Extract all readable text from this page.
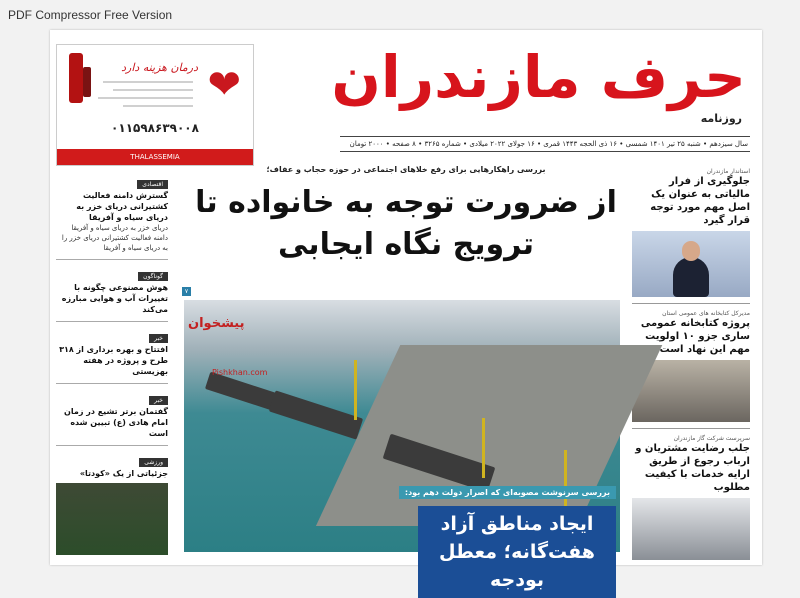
PDF Compressor Free Version
❤
درمان هزینه دارد
۰۱۱۵۹۸۶۳۹۰۰۸
THALASSEMIA
حرف مازندران
روزنامه
سال سیزدهم • شنبه ۲۵ تیر ۱۴۰۱ شمسی • ۱۶ ذی الحجه ۱۴۴۳ قمری • ۱۶ جولای ۲۰۲۲ میلادی • شماره ۳۲۶۵ • ۸ صفحه • ۲۰۰۰ تومان
استاندار مازندران
جلوگیری از فرار مالیاتی به عنوان یک اصل مهم مورد توجه قرار گیرد
مدیرکل کتابخانه های عمومی استان
پروژه کتابخانه عمومی ساری جزو ۱۰ اولویت مهم این نهاد است
سرپرست شرکت گاز مازندران
جلب رضایت مشتریان و ارباب رجوع از طریق ارایه خدمات با کیفیت مطلوب
بررسی راهکارهایی برای رفع خلاهای اجتماعی در حوزه حجاب و عفاف؛
از ضرورت توجه به خانواده تا
ترویج نگاه ایجابی
۷
پیشخوان
Pishkhan.com
بررسی سرنوشت مصوبه‌ای که اصرار دولت دهم بود:
ایجاد مناطق آزاد
هفت‌گانه؛ معطل بودجه
اقتصادی
گسترش دامنه فعالیت کشتیرانی دریای خزر به دریای سیاه و آفریقا
دریای خزر به دریای سیاه و آفریقا دامنه فعالیت کشتیرانی دریای خزر را به دریای سیاه و آفریقا
گوناگون
هوش مصنوعی چگونه با تغییرات آب و هوایی مبارزه می‌کند
خبر
افتتاح و بهره برداری از ۳۱۸ طرح و پروژه در هفته بهزیستی
خبر
گفتمان برتر تشیع در زمان امام هادی (ع) تبیین شده است
ورزشی
جزئیاتی از یک «کودتا»
